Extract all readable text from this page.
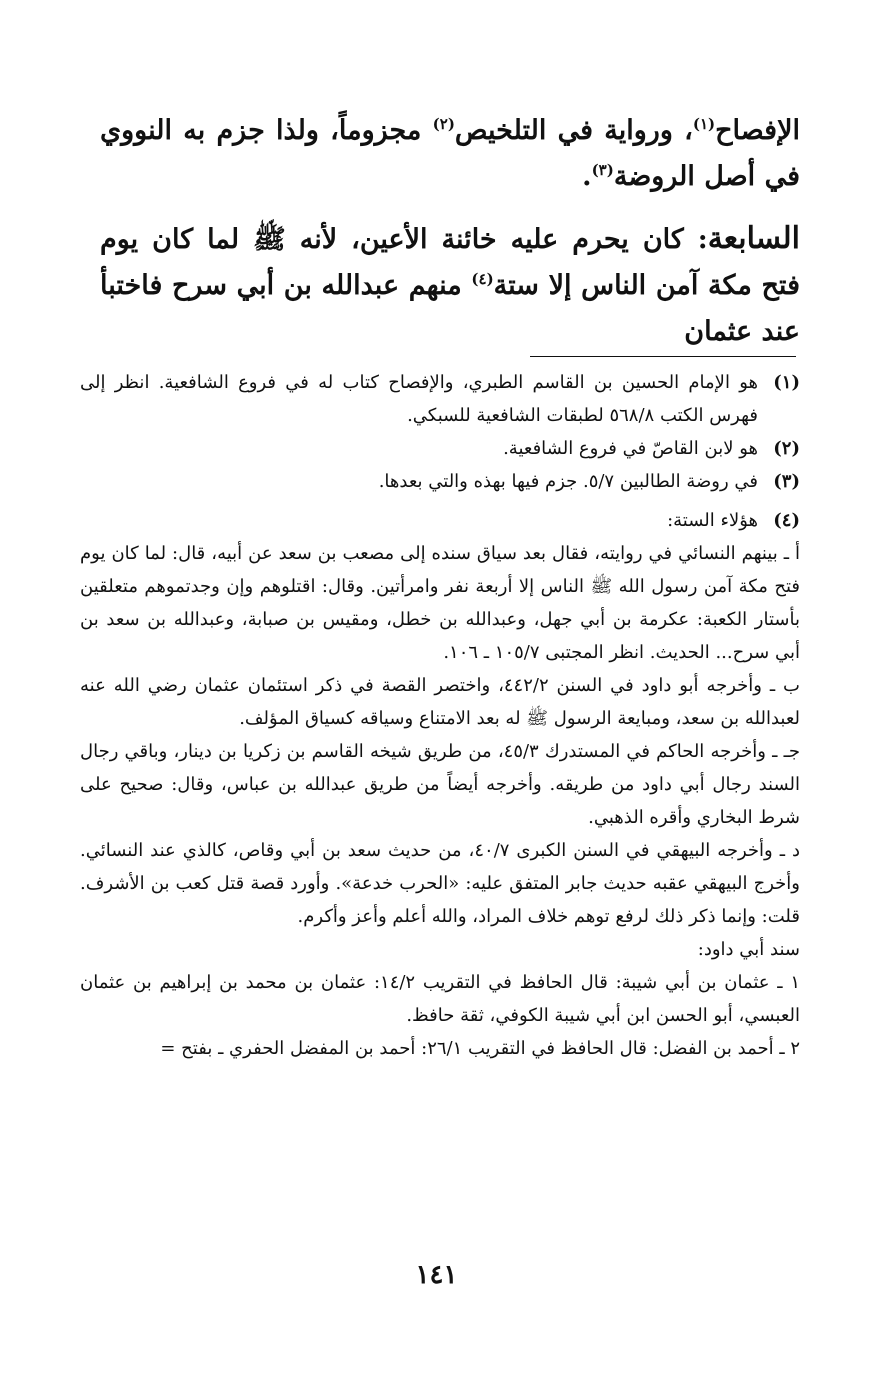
الإفصاح$^{(١)}$، ورواية في التلخيص$^{(٢)}$ مجزوماً، ولذا جزم به النووي في أصل الروضة$^{(٣)}$.

السابعة: كان يحرم عليه خائنة الأعين، لأنه ﷺ لما كان يوم فتح مكة آمن الناس إلا ستة$^{(٤)}$ منهم عبدالله بن أبي سرح فاختبأ عند عثمان

(١)
هو الإمام الحسين بن القاسم الطبري، والإفصاح كتاب له في فروع الشافعية. انظر إلى فهرس الكتب ٥٦٨/٨ لطبقات الشافعية للسبكي.
(٢)
هو لابن القاصّ في فروع الشافعية.
(٣)
في روضة الطالبين ٥/٧. جزم فيها بهذه والتي بعدها.
(٤)
هؤلاء الستة:
أ ـ بينهم النسائي في روايته، فقال بعد سياق سنده إلى مصعب بن سعد عن أبيه، قال: لما كان يوم فتح مكة آمن رسول الله ﷺ الناس إلا أربعة نفر وامرأتين. وقال: اقتلوهم وإن وجدتموهم متعلقين بأستار الكعبة: عكرمة بن أبي جهل، وعبدالله بن خطل، ومقيس بن صبابة، وعبدالله بن سعد بن أبي سرح... الحديث. انظر المجتبى ١٠٥/٧ ـ ١٠٦.
ب ـ وأخرجه أبو داود في السنن ٤٤٢/٢، واختصر القصة في ذكر استئمان عثمان رضي الله عنه لعبدالله بن سعد، ومبايعة الرسول ﷺ له بعد الامتناع وسياقه كسياق المؤلف.
جـ ـ وأخرجه الحاكم في المستدرك ٤٥/٣، من طريق شيخه القاسم بن زكريا بن دينار، وباقي رجال السند رجال أبي داود من طريقه. وأخرجه أيضاً من طريق عبدالله بن عباس، وقال: صحيح على شرط البخاري وأقره الذهبي.
د ـ وأخرجه البيهقي في السنن الكبرى ٤٠/٧، من حديث سعد بن أبي وقاص، كالذي عند النسائي. وأخرج البيهقي عقبه حديث جابر المتفق عليه: «الحرب خدعة». وأورد قصة قتل كعب بن الأشرف. قلت: وإنما ذكر ذلك لرفع توهم خلاف المراد، والله أعلم وأعز وأكرم.
سند أبي داود:
١ ـ عثمان بن أبي شيبة: قال الحافظ في التقريب ١٤/٢: عثمان بن محمد بن إبراهيم بن عثمان العبسي، أبو الحسن ابن أبي شيبة الكوفي، ثقة حافظ.
٢ ـ أحمد بن الفضل: قال الحافظ في التقريب ٢٦/١: أحمد بن المفضل الحفري ـ بفتح =
١٤١
